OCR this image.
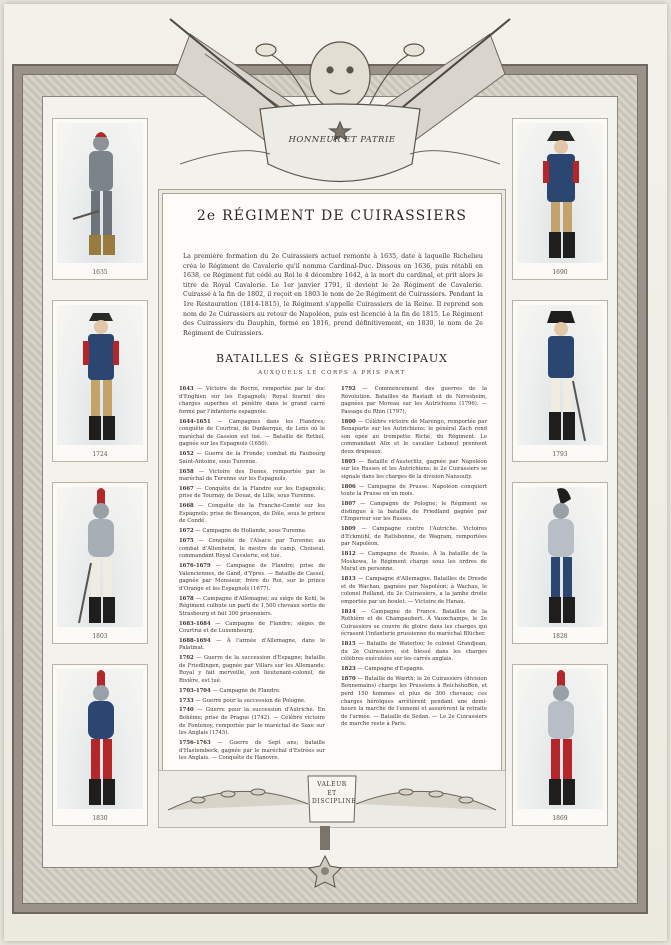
HONNEUR ET PATRIE
1635
1724
1803
1830
1690
1793
1828
1869
2e RÉGIMENT DE CUIRASSIERS
La première formation du 2e Cuirassiers actuel remonte à 1635, date à laquelle Richelieu créa le Régiment de Cavalerie qu'il nomma Cardinal-Duc. Dissous en 1636, puis rétabli en 1638, ce Régiment fut cédé au Roi le 4 décembre 1642, à la mort du cardinal, et prit alors le titre de Royal Cavalerie. Le 1er janvier 1791, il devient le 2e Régiment de Cavalerie. Cuirassé à la fin de 1802, il reçoit en 1803 le nom de 2e Régiment de Cuirassiers. Pendant la 1re Restauration (1814-1815), le Régiment s'appelle Cuirassiers de la Reine. Il reprend son nom de 2e Cuirassiers au retour de Napoléon, puis est licencié à la fin de 1815. Le Régiment des Cuirassiers du Dauphin, formé en 1816, prend définitivement, en 1830, le nom de 2e Régiment de Cuirassiers.
BATAILLES & SIÈGES PRINCIPAUX
AUXQUELS LE CORPS A PRIS PART
1643 — Victoire de Rocroi, remportée par le duc d'Enghien sur les Espagnols; Royal fournit des charges superbes et pénètre dans le grand carré formé par l'infanterie espagnole.
1644-1651 — Campagnes dans les Flandres; conquête de Courtrai, de Dunkerque, de Lens où le maréchal de Gassion est tué. — Bataille de Rethel, gagnée sur les Espagnols (1650).
1652 — Guerre de la Fronde; combat du Faubourg Saint-Antoine, sous Turenne.
1658 — Victoire des Dunes, remportée par le maréchal de Turenne sur les Espagnols.
1667 — Conquête de la Flandre sur les Espagnols; prise de Tournay, de Douai, de Lille, sous Turenne.
1668 — Conquête de la Franche-Comté sur les Espagnols; prise de Besançon, de Dôle, sous le prince de Condé.
1672 — Campagne de Hollande, sous Turenne.
1675 — Conquête de l'Alsace par Turenne; au combat d'Altenheim, le mestre de camp, Choiseul, commandant Royal Cavalerie, est tué.
1676-1679 — Campagne de Flandre; prise de Valenciennes, de Gand, d'Ypres. — Bataille de Cassel, gagnée par Monsieur, frère du Roi, sur le prince d'Orange et les Espagnols (1677).
1678 — Campagne d'Allemagne; au siège de Kehl, le Régiment culbute un parti de 1,500 chevaux sortis de Strasbourg et fait 300 prisonniers.
1683-1684 — Campagne de Flandre; sièges de Courtrai et de Luxembourg.
1688-1694 — À l'armée d'Allemagne, dans le Palatinat.
1702 — Guerre de la succession d'Espagne; bataille de Friedlingen, gagnée par Villars sur les Allemands; Royal y fait merveille, son lieutenant-colonel, de Rivière, est tué.
1703-1704 — Campagne de Flandre.
1733 — Guerre pour la succession de Pologne.
1740 — Guerre pour la succession d'Autriche. En Bohême; prise de Prague (1742). — Célèbre victoire de Fontenoy, remportée par le maréchal de Saxe sur les Anglais (1745).
1756-1763 — Guerre de Sept ans; bataille d'Hastembeck, gagnée par le maréchal d'Estrées sur les Anglais. — Conquête du Hanovre.
1792 — Commencement des guerres de la Révolution. Batailles de Rastadt et de Neresheim, gagnées par Moreau sur les Autrichiens (1796). — Passage du Rhin (1797).
1800 — Célèbre victoire de Marengo, remportée par Bonaparte sur les Autrichiens; le général Zach rend son épée au trompette Riché, du Régiment. Le commandant Alix et le cavalier Lebœuf prennent deux drapeaux.
1805 — Bataille d'Austerlitz, gagnée par Napoléon sur les Russes et les Autrichiens; le 2e Cuirassiers se signale dans les charges de la division Nansouty.
1806 — Campagne de Prusse. Napoléon conquiert toute la Prusse en un mois.
1807 — Campagne de Pologne; le Régiment se distingue à la bataille de Friedland gagnée par l'Empereur sur les Russes.
1809 — Campagne contre l'Autriche. Victoires d'Eckmühl, de Ratisbonne, de Wagram, remportées par Napoléon.
1812 — Campagne de Russie. À la bataille de la Moskowa, le Régiment charge sous les ordres de Murat en personne.
1813 — Campagne d'Allemagne. Batailles de Dresde et de Wachau, gagnées par Napoléon; à Wachau, le colonel Rolland, du 2e Cuirassiers, a la jambe droite emportée par un boulet. — Victoire de Hanau.
1814 — Campagne de France. Batailles de la Rothière et de Champaubert. À Vauxchamps, le 2e Cuirassiers se couvre de gloire dans les charges qui écrasent l'infanterie prussienne du maréchal Blücher.
1815 — Bataille de Waterloo; le colonel Grandjean, du 2e Cuirassiers, est blessé dans les charges célèbres exécutées sur les carrés anglais.
1823 — Campagne d'Espagne.
1870 — Bataille de Wœrth; le 2e Cuirassiers (division Bonnemains) charge les Prussiens à Reichshoffen, et perd 150 hommes et plus de 300 chevaux; ces charges héroïques arrêtèrent pendant une demi-heure la marche de l'ennemi et assurèrent la retraite de l'armée. — Bataille de Sedan. — Le 2e Cuirassiers de marche reste à Paris.
VALEUR
ET
DISCIPLINE
